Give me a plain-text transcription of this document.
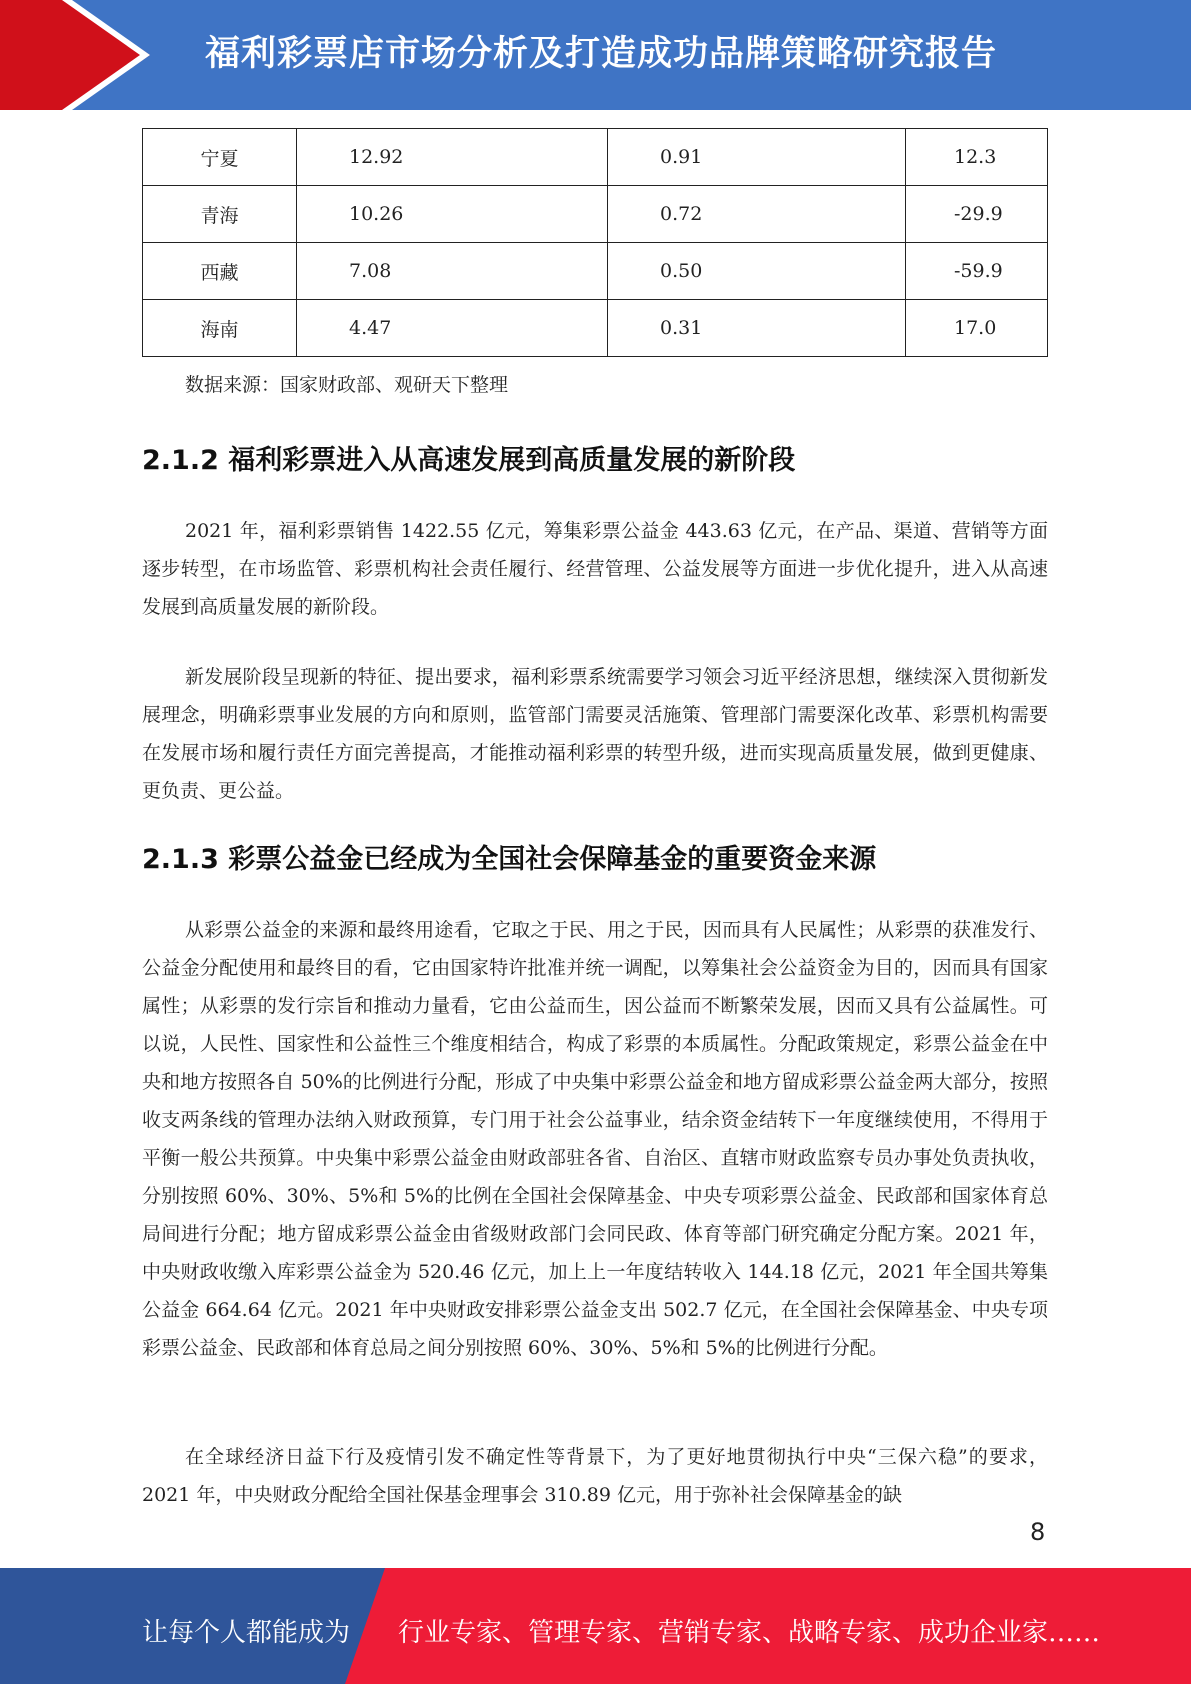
福利彩票店市场分析及打造成功品牌策略研究报告
宁夏	12.92	0.91	12.3
青海	10.26	0.72	-29.9
西藏	7.08	0.50	-59.9
海南	4.47	0.31	17.0
数据来源：国家财政部、观研天下整理
2.1.2 福利彩票进入从高速发展到高质量发展的新阶段

2021 年，福利彩票销售 1422.55 亿元，筹集彩票公益金 443.63 亿元，在产品、渠道、营销等方面逐步转型，在市场监管、彩票机构社会责任履行、经营管理、公益发展等方面进一步优化提升，进入从高速发展到高质量发展的新阶段。

新发展阶段呈现新的特征、提出要求，福利彩票系统需要学习领会习近平经济思想，继续深入贯彻新发展理念，明确彩票事业发展的方向和原则，监管部门需要灵活施策、管理部门需要深化改革、彩票机构需要在发展市场和履行责任方面完善提高，才能推动福利彩票的转型升级，进而实现高质量发展，做到更健康、更负责、更公益。

2.1.3 彩票公益金已经成为全国社会保障基金的重要资金来源

从彩票公益金的来源和最终用途看，它取之于民、用之于民，因而具有人民属性；从彩票的获准发行、公益金分配使用和最终目的看，它由国家特许批准并统一调配，以筹集社会公益资金为目的，因而具有国家属性；从彩票的发行宗旨和推动力量看，它由公益而生，因公益而不断繁荣发展，因而又具有公益属性。可以说，人民性、国家性和公益性三个维度相结合，构成了彩票的本质属性。分配政策规定，彩票公益金在中央和地方按照各自 50%的比例进行分配，形成了中央集中彩票公益金和地方留成彩票公益金两大部分，按照收支两条线的管理办法纳入财政预算，专门用于社会公益事业，结余资金结转下一年度继续使用，不得用于平衡一般公共预算。中央集中彩票公益金由财政部驻各省、自治区、直辖市财政监察专员办事处负责执收，分别按照 60%、30%、5%和 5%的比例在全国社会保障基金、中央专项彩票公益金、民政部和国家体育总局间进行分配；地方留成彩票公益金由省级财政部门会同民政、体育等部门研究确定分配方案。2021 年，中央财政收缴入库彩票公益金为 520.46 亿元，加上上一年度结转收入 144.18 亿元，2021 年全国共筹集公益金 664.64 亿元。2021 年中央财政安排彩票公益金支出 502.7 亿元，在全国社会保障基金、中央专项彩票公益金、民政部和体育总局之间分别按照 60%、30%、5%和 5%的比例进行分配。

在全球经济日益下行及疫情引发不确定性等背景下，为了更好地贯彻执行中央“三保六稳”的要求，2021 年，中央财政分配给全国社保基金理事会 310.89 亿元，用于弥补社会保障基金的缺

8
让每个人都能成为 行业专家、管理专家、营销专家、战略专家、成功企业家……
